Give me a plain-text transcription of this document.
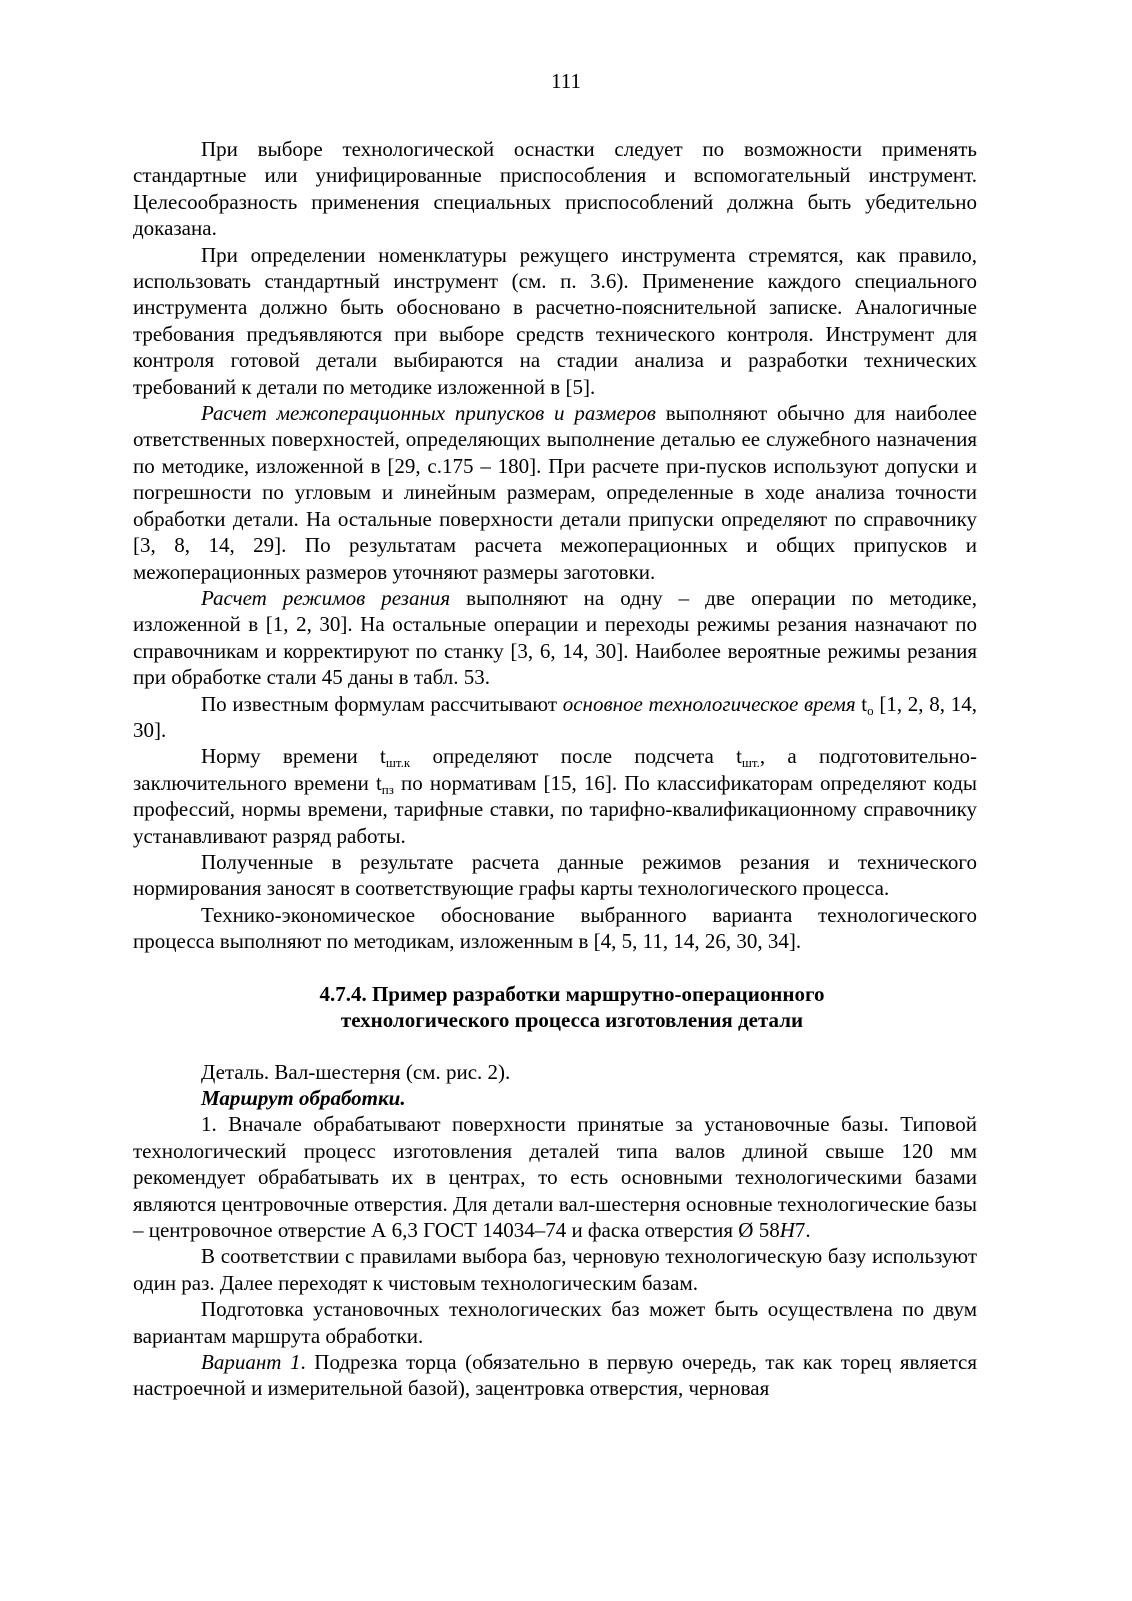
111

При выборе технологической оснастки следует по возможности применять стандартные или унифицированные приспособления и вспомогательный инструмент. Целесообразность применения специальных приспособлений должна быть убедительно доказана.

При определении номенклатуры режущего инструмента стремятся, как правило, использовать стандартный инструмент (см. п. 3.6). Применение каждого специального инструмента должно быть обосновано в расчетно-пояснительной записке. Аналогичные требования предъявляются при выборе средств технического контроля. Инструмент для контроля готовой детали выбираются на стадии анализа и разработки технических требований к детали по методике изложенной в [5].

Расчет межоперационных припусков и размеров выполняют обычно для наиболее ответственных поверхностей, определяющих выполнение деталью ее служебного назначения по методике, изложенной в [29, с.175 – 180]. При расчете при-пусков используют допуски и погрешности по угловым и линейным размерам, определенные в ходе анализа точности обработки детали. На остальные поверхности детали припуски определяют по справочнику [3, 8, 14, 29]. По результатам расчета межоперационных и общих припусков и межоперационных размеров уточняют размеры заготовки.

Расчет режимов резания выполняют на одну – две операции по методике, изложенной в [1, 2, 30]. На остальные операции и переходы режимы резания назначают по справочникам и корректируют по станку [3, 6, 14, 30]. Наиболее вероятные режимы резания при обработке стали 45 даны в табл. 53.

По известным формулам рассчитывают основное технологическое время $t_о$ [1, 2, 8, 14, 30].

Норму времени $t_{шт.к}$ определяют после подсчета $t_{шт.}$, а подготовительно-заключительного времени $t_{пз}$ по нормативам [15, 16]. По классификаторам определяют коды профессий, нормы времени, тарифные ставки, по тарифно-квалификационному справочнику устанавливают разряд работы.

Полученные в результате расчета данные режимов резания и технического нормирования заносят в соответствующие графы карты технологического процесса.

Технико-экономическое обоснование выбранного варианта технологического процесса выполняют по методикам, изложенным в [4, 5, 11, 14, 26, 30, 34].

4.7.4. Пример разработки маршрутно-операционного
технологического процесса изготовления детали

Деталь. Вал-шестерня (см. рис. 2).

Маршрут обработки.

1. Вначале обрабатывают поверхности принятые за установочные базы. Типовой технологический процесс изготовления деталей типа валов длиной свыше 120 мм рекомендует обрабатывать их в центрах, то есть основными технологическими базами являются центровочные отверстия. Для детали вал-шестерня основные технологические базы – центровочное отверстие А 6,3 ГОСТ 14034–74 и фаска отверстия Ø 58H7.

В соответствии с правилами выбора баз, черновую технологическую базу используют один раз. Далее переходят к чистовым технологическим базам.

Подготовка установочных технологических баз может быть осуществлена по двум вариантам маршрута обработки.

Вариант 1. Подрезка торца (обязательно в первую очередь, так как торец является настроечной и измерительной базой), зацентровка отверстия, черновая
